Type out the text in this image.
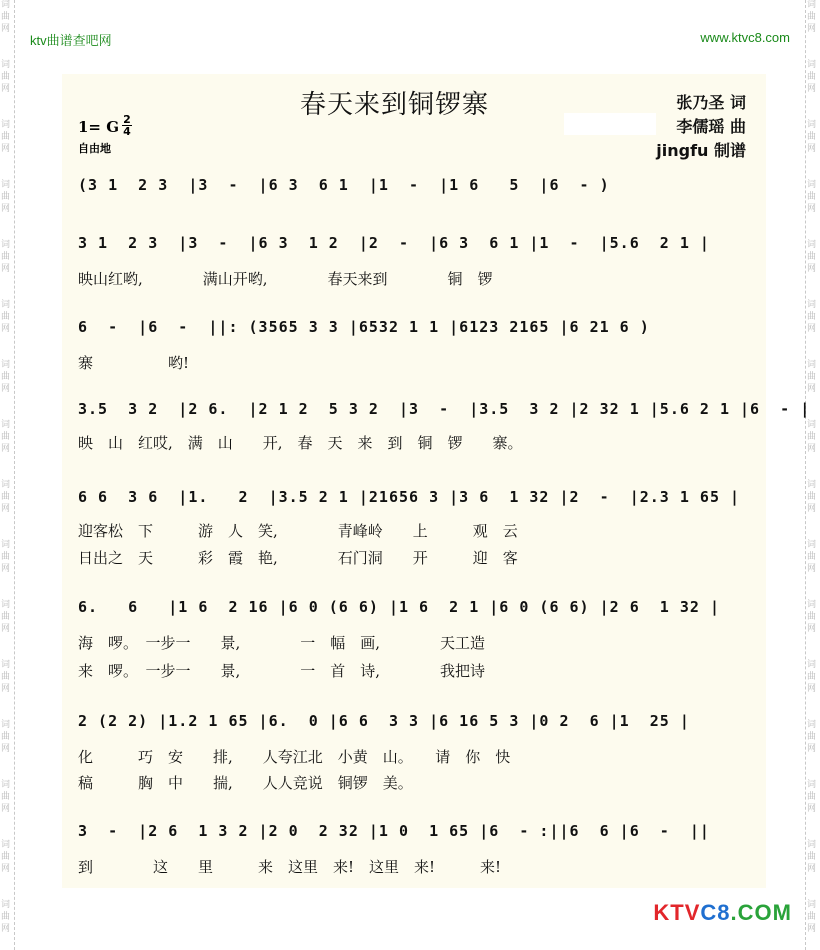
词
曲
网
词
曲
网
词
曲
网
词
曲
网
词
曲
网
词
曲
网
词
曲
网
词
曲
网
词
曲
网
词
曲
网
词
曲
网
词
曲
网
词
曲
网
词
曲
网
词
曲
网
词
曲
网
词
曲
网
词
曲
网
词
曲
网
词
曲
网
词
曲
网
词
曲
网
词
曲
网
词
曲
网
词
曲
网
词
曲
网
词
曲
网
词
曲
网
词
曲
网
词
曲
网
词
曲
网
词
曲
网
ktv曲谱查吧网	www.ktvc8.com
春天来到铜锣寨	张乃圣 词
李儒瑶 曲
jingfu 制谱
1= G 2
4
自由地
(3 1  2 3  |3  -  |6 3  6 1  |1  -  |1 6   5  |6  - )
3 1  2 3  |3  -  |6 3  1 2  |2  -  |6 3  6 1 |1  -  |5.6  2 1 |
映山红哟,　　　　满山开哟,　　　　春天来到　　　　铜　锣
6  -  |6  -  ||: (3565 3 3 |6532 1 1 |6123 2165 |6 21 6 )
寨　　　　　哟!
3.5  3 2  |2 6.  |2 1 2  5 3 2  |3  -  |3.5  3 2 |2 32 1 |5.6 2 1 |6  - |
映　山　红哎,　满　山　　开,　春　天　来　到　铜　锣　　寨。
6 6  3 6  |1.   2  |3.5 2 1 |21656 3 |3 6  1 32 |2  -  |2.3 1 65 |
迎客松　下　　　游　人　笑,　　　　青峰岭　　上　　　观　云
日出之　天　　　彩　霞　艳,　　　　石门洞　　开　　　迎　客
6.   6   |1 6  2 16 |6 0 (6 6) |1 6  2 1 |6 0 (6 6) |2 6  1 32 |
海　啰。　一步一　　景,　　　　一　幅　画,　　　　天工造
来　啰。　一步一　　景,　　　　一　首　诗,　　　　我把诗
2 (2 2) |1.2 1 65 |6.  0 |6 6  3 3 |6 16 5 3 |0 2  6 |1  25 |
化　　　巧　安　　排,　　人夸江北　小黄　山。　　请　你　快
稿　　　胸　中　　揣,　　人人竞说　铜锣　美。
3  -  |2 6  1 3 2 |2 0  2 32 |1 0  1 65 |6  - :||6  6 |6  -  ||
到　　　　这　　里　　　来　这里　来!　这里　来!　　　来!
KTVC8.COM
